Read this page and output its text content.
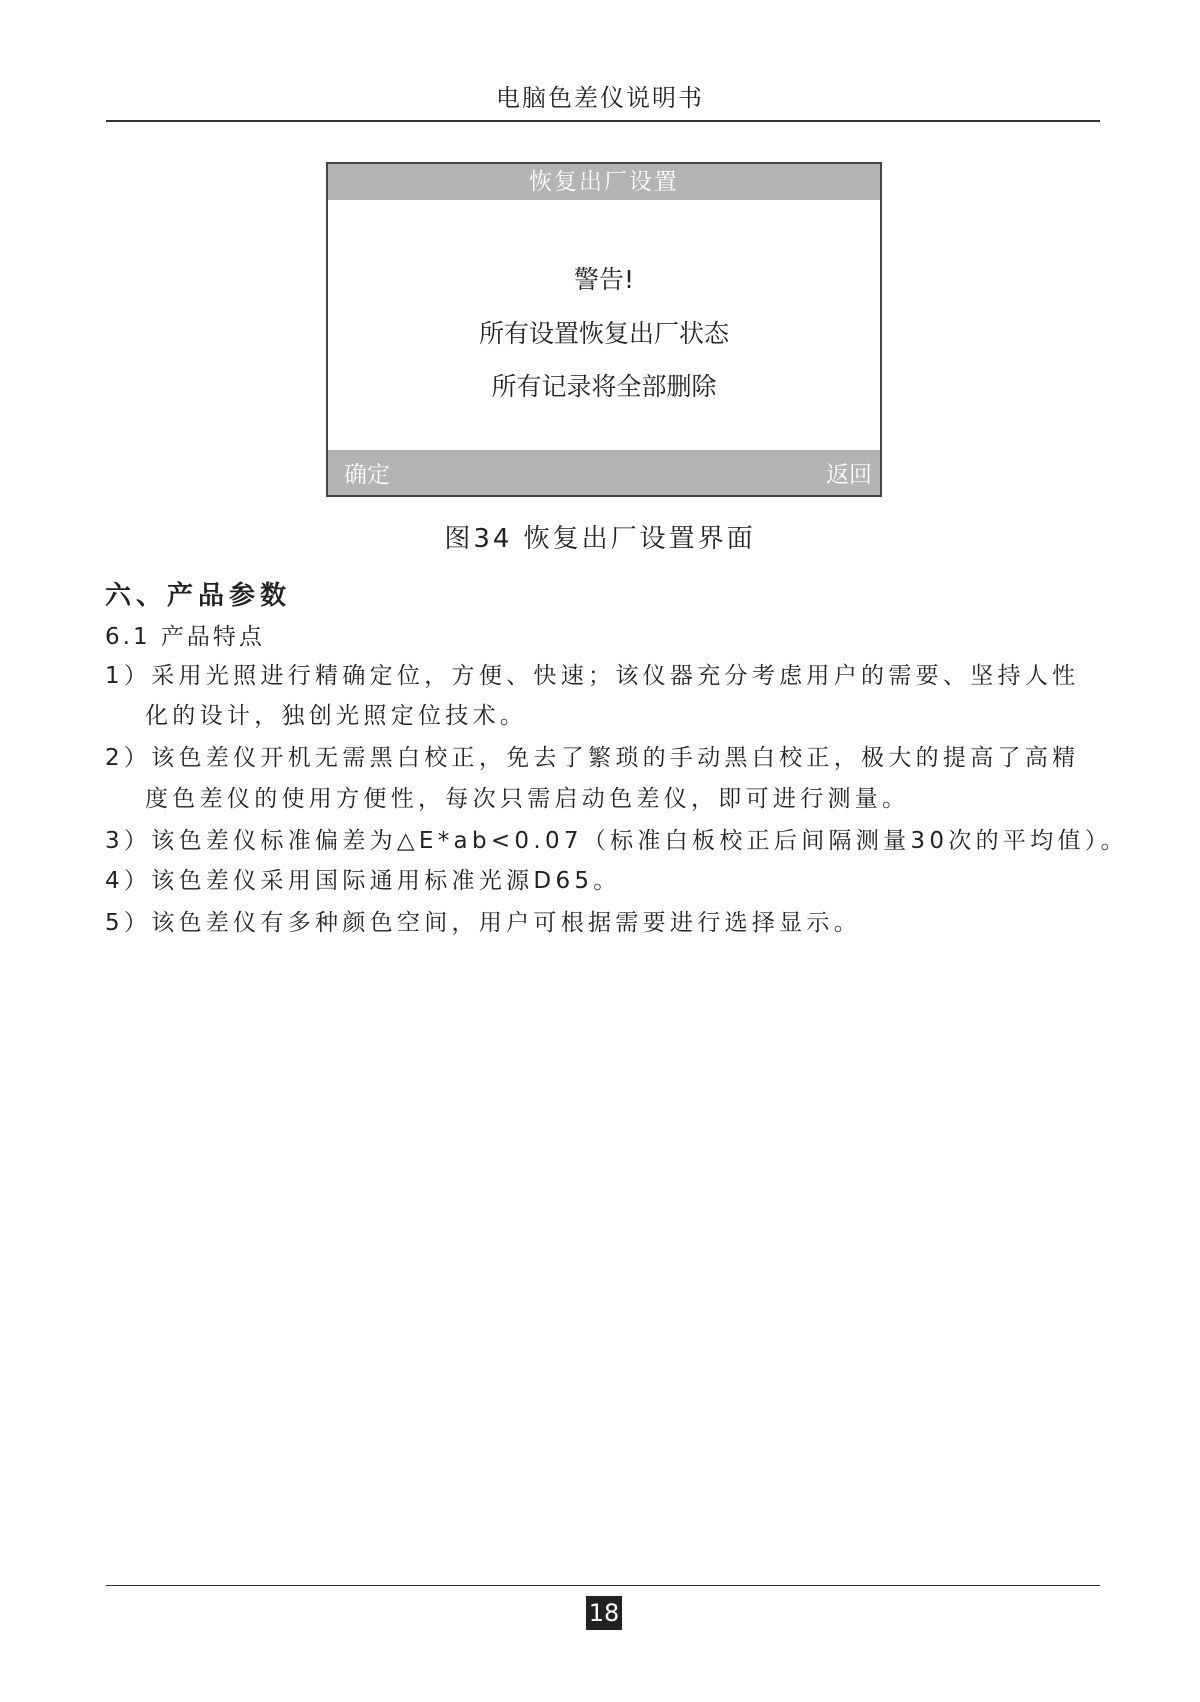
电脑色差仪说明书
恢复出厂设置
警告!
所有设置恢复出厂状态
所有记录将全部删除
确定	返回
图34 恢复出厂设置界面
六、产品参数
6.1 产品特点
1）采用光照进行精确定位，方便、快速；该仪器充分考虑用户的需要、坚持人性
化的设计，独创光照定位技术。
2）该色差仪开机无需黑白校正，免去了繁琐的手动黑白校正，极大的提高了高精
度色差仪的使用方便性，每次只需启动色差仪，即可进行测量。
3）该色差仪标准偏差为△E*ab<0.07（标准白板校正后间隔测量30次的平均值）。
4）该色差仪采用国际通用标准光源D65。
5）该色差仪有多种颜色空间，用户可根据需要进行选择显示。
18
